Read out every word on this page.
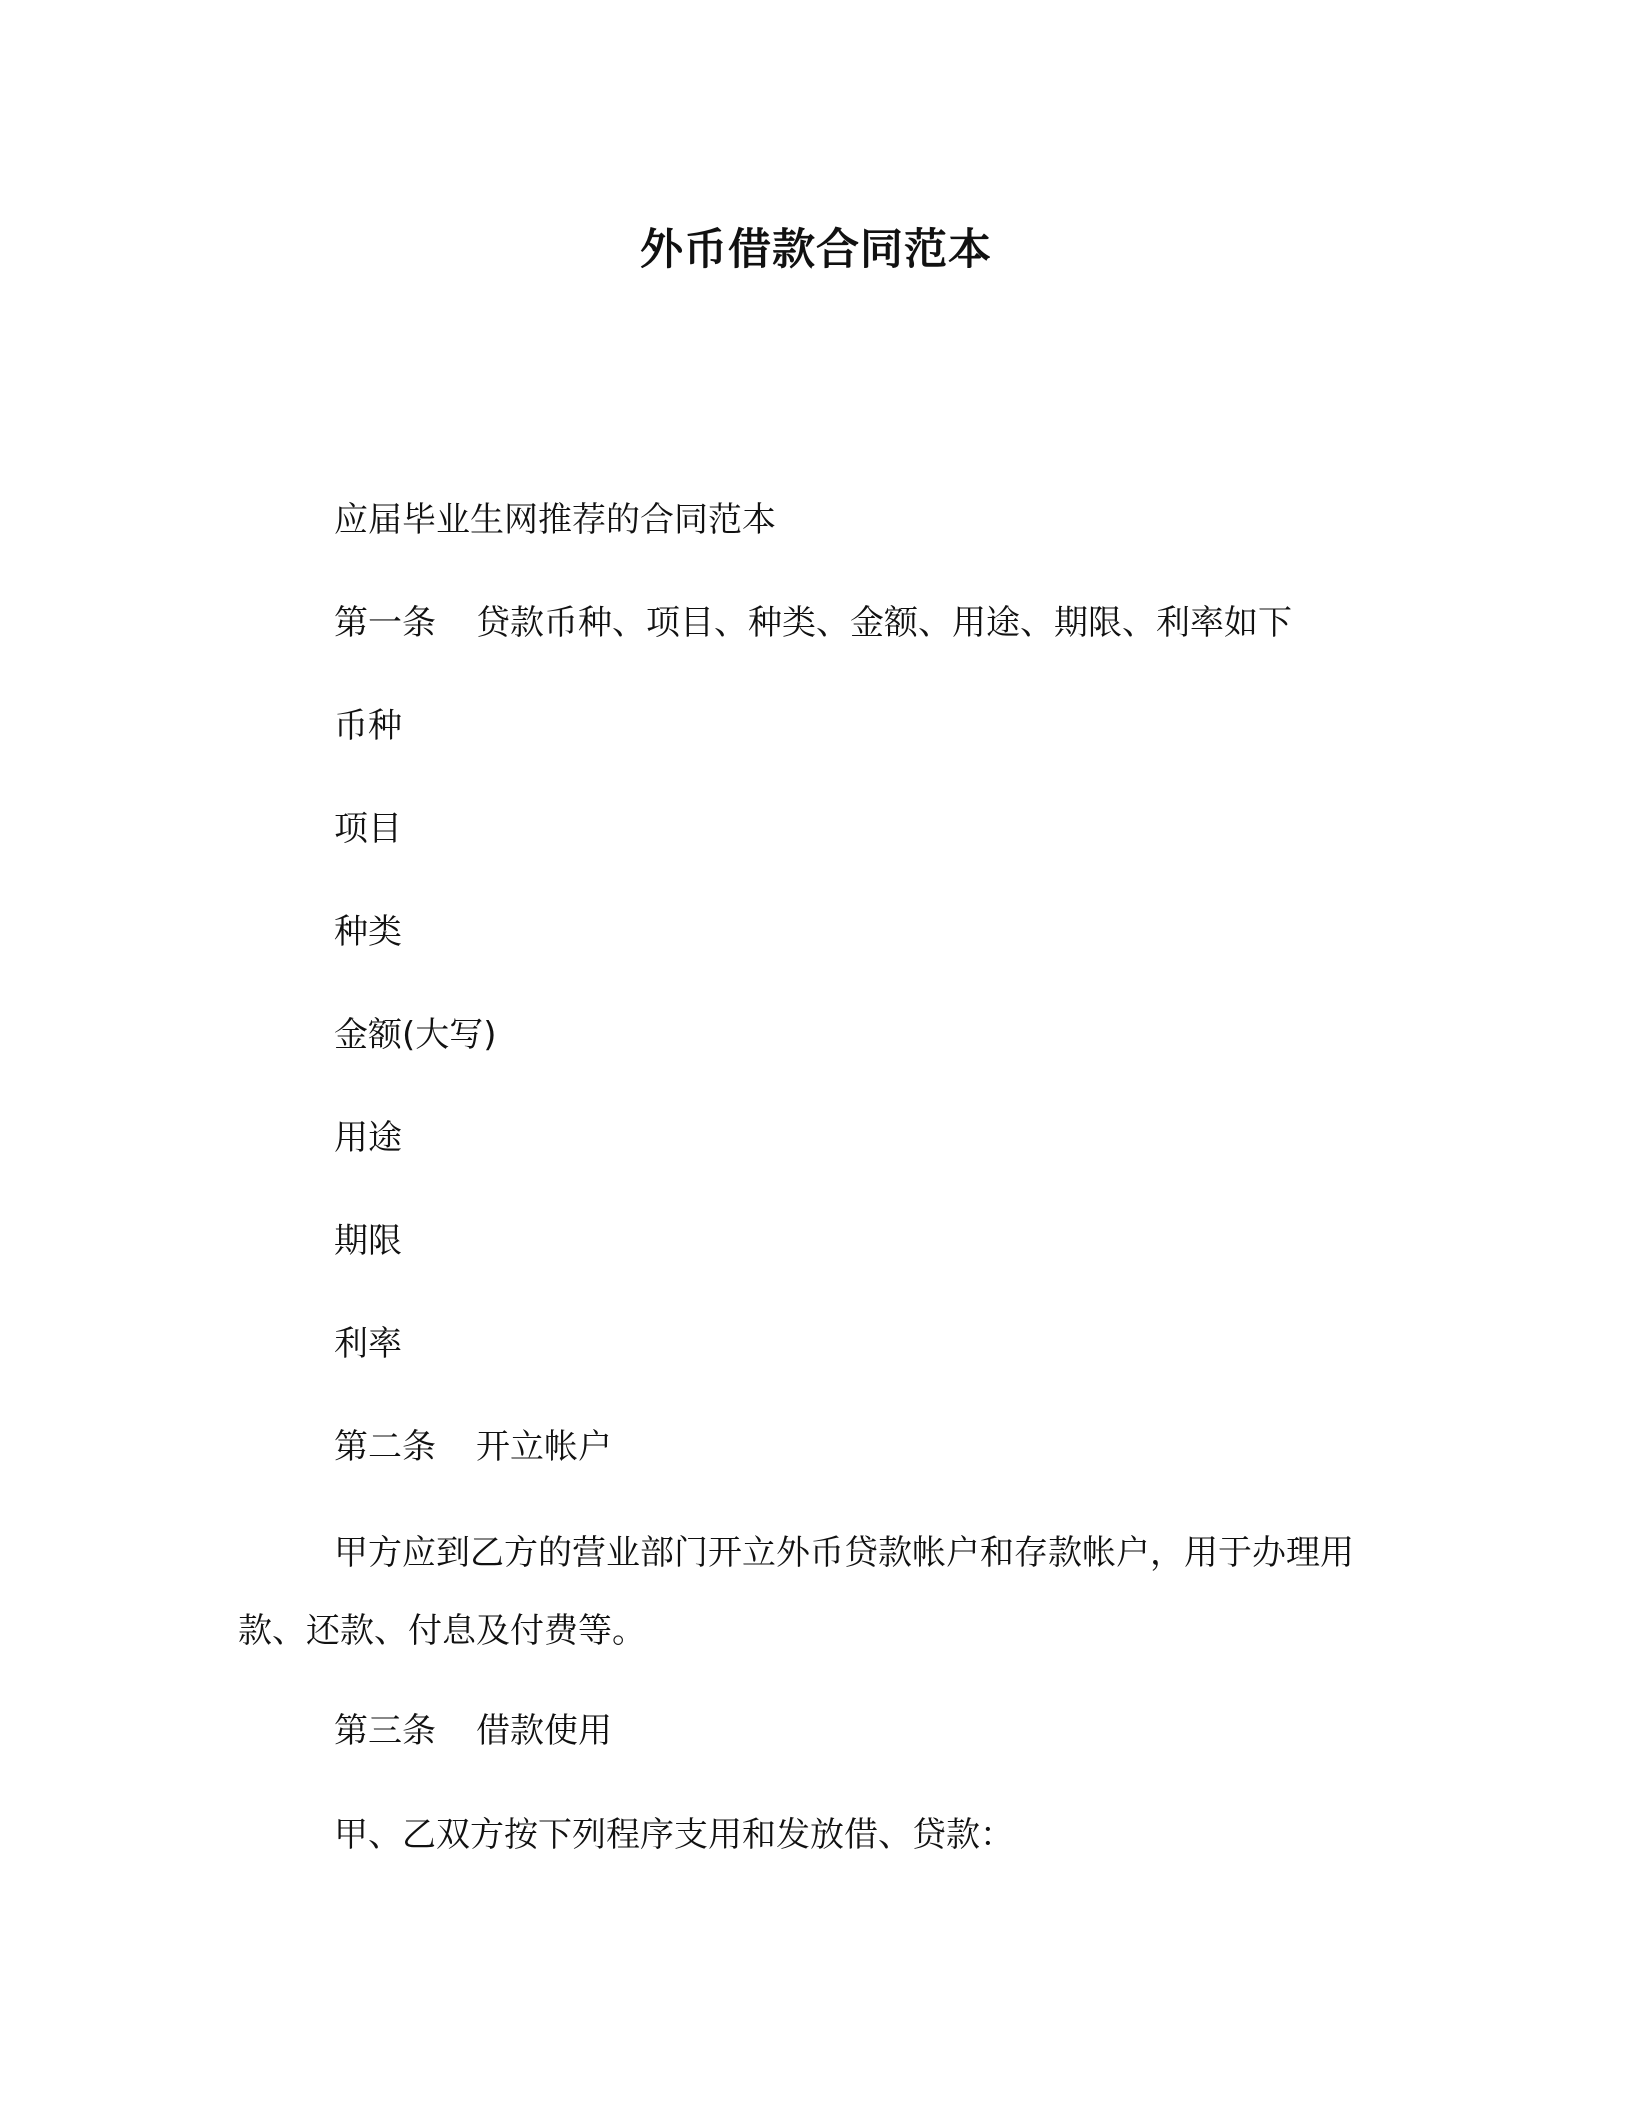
外币借款合同范本
应届毕业生网推荐的合同范本
第一条 贷款币种、项目、种类、金额、用途、期限、利率如下
币种
项目
种类
金额(大写)
用途
期限
利率
第二条 开立帐户
甲方应到乙方的营业部门开立外币贷款帐户和存款帐户，用于办理用款、还款、付息及付费等。
第三条 借款使用
甲、乙双方按下列程序支用和发放借、贷款：
